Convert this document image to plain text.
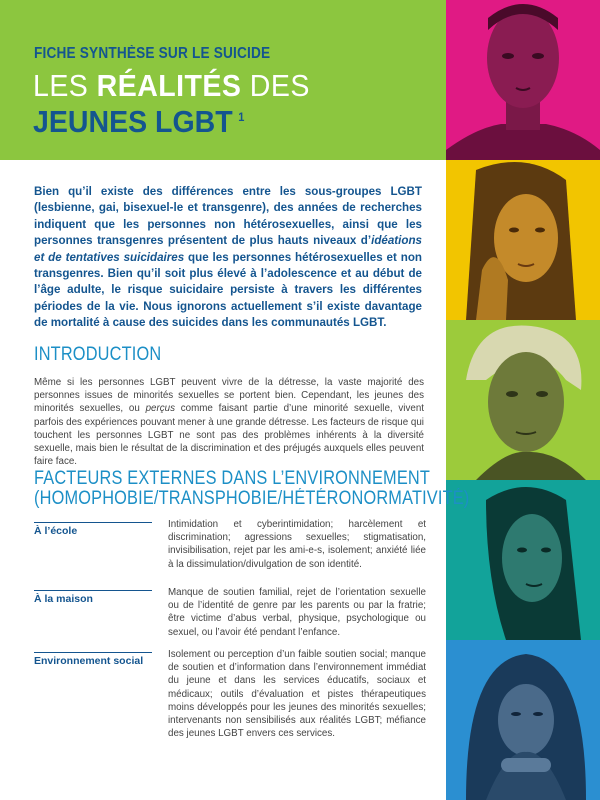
FICHE SYNTHÈSE SUR LE SUICIDE
LES RÉALITÉS DES
JEUNES LGBT $^1$

Bien qu’il existe des différences entre les sous-groupes LGBT (lesbienne, gai, bisexuel-le et transgenre), des années de recherches indiquent que les personnes non hétérosexuelles, ainsi que les personnes transgenres présentent de plus hauts niveaux d’idéations et de tentatives suicidaires que les personnes hétérosexuelles et non transgenres. Bien qu’il soit plus élevé à l’adolescence et au début de l’âge adulte, le risque suicidaire persiste à travers les différentes périodes de la vie. Nous ignorons actuellement s’il existe davantage de mortalité à cause des suicides dans les communautés LGBT.

INTRODUCTION

Même si les personnes LGBT peuvent vivre de la détresse, la vaste majorité des personnes issues de minorités sexuelles se portent bien. Cependant, les jeunes des minorités sexuelles, ou perçus comme faisant partie d’une minorité sexuelle, vivent parfois des expériences pouvant mener à une grande détresse. Les facteurs de risque qui touchent les personnes LGBT ne sont pas des problèmes inhérents à la diversité sexuelle, mais bien le résultat de la discrimination et des préjugés auxquels elles peuvent faire face.

FACTEURS EXTERNES DANS L’ENVIRONNEMENT
(HOMOPHOBIE/TRANSPHOBIE/HÉTÉRONORMATIVITÉ)
À l’école
Intimidation et cyberintimidation; harcèlement et discrimination; agressions sexuelles; stigmatisation, invisibilisation, rejet par les ami-e-s, isolement; anxiété liée à la dissimulation/divulgation de son identité.
À la maison
Manque de soutien familial, rejet de l’orientation sexuelle ou de l’identité de genre par les parents ou par la fratrie; être victime d’abus verbal, physique, psychologique ou sexuel, ou l’avoir été pendant l’enfance.
Environnement social
Isolement ou perception d’un faible soutien social; manque de soutien et d’information dans l’environnement immédiat du jeune et dans les services éducatifs, sociaux et médicaux; outils d’évaluation et pistes thérapeutiques moins développés pour les jeunes des minorités sexuelles; intervenants non sensibilisés aux réalités LGBT; méfiance des jeunes LGBT envers ces services.
